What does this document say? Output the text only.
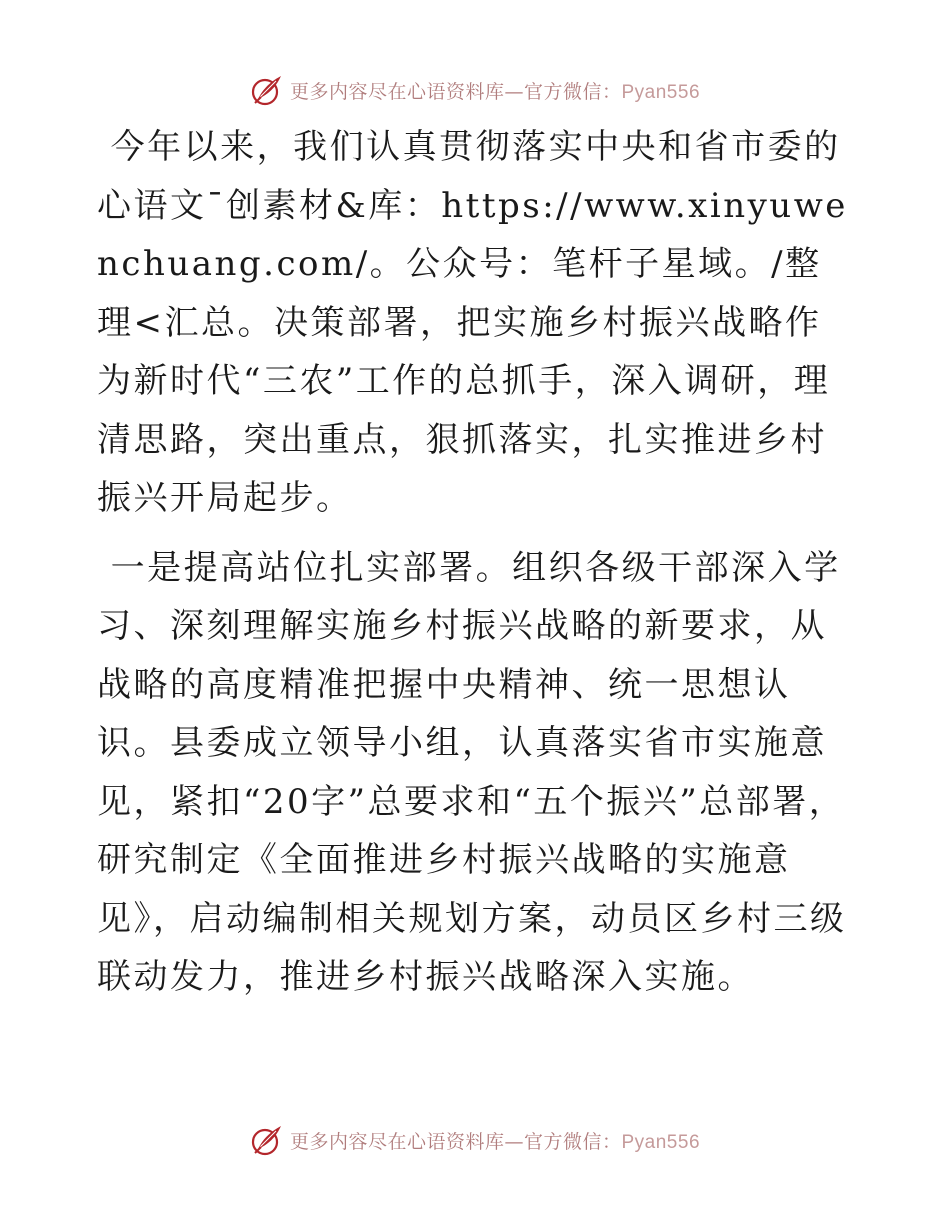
更多内容尽在心语资料库—官方微信：Pyan556

今年以来，我们认真贯彻落实中央和省市委的心语文¯创素材&库：https://www.xinyuwenchuang.com/。公众号：笔杆子星域。/整理<汇总。决策部署，把实施乡村振兴战略作为新时代“三农”工作的总抓手，深入调研，理清思路，突出重点，狠抓落实，扎实推进乡村振兴开局起步。

一是提高站位扎实部署。组织各级干部深入学习、深刻理解实施乡村振兴战略的新要求，从战略的高度精准把握中央精神、统一思想认识。县委成立领导小组，认真落实省市实施意见，紧扣“20字”总要求和“五个振兴”总部署，研究制定《全面推进乡村振兴战略的实施意见》，启动编制相关规划方案，动员区乡村三级联动发力，推进乡村振兴战略深入实施。

更多内容尽在心语资料库—官方微信：Pyan556
